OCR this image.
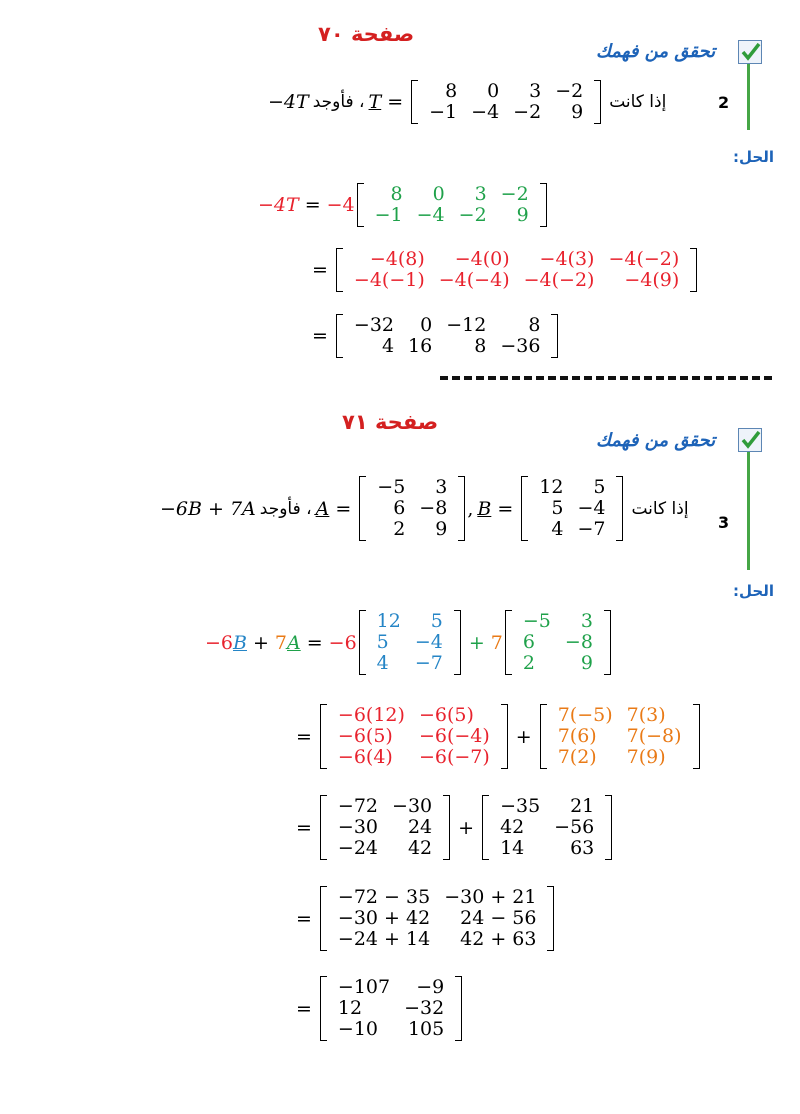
صفحة ٧٠
تحقق من فهمك
2
−4T ، فأوجد T =	8	0	3 −2
−1 −4 −2	9	إذا كانت
الحل:
−4T = −4	8	0	3 −2
−1 −4 −2	9
=	−4(8)	−4(0)	−4(3) −4(−2)
−4(−1) −4(−4) −4(−2)	−4(9)
=	−32	0 −12	8
4 16	8 −36
صفحة ٧١
تحقق من فهمك
3
−6B + 7A ، فأوجد A =
−5	3
6 −8
2	9
, B =
12	5
5 −4
4 −7
إذا كانت
الحل:
−6 B + 7 A = −6
12	5
5	−4
4	−7
+ 7
−5	3
6	−8
2	9
=
−6(12) −6(5)
−6(5)	−6(−4)
−6(4)	−6(−7)
+
7(−5) 7(3)
7(6)	7(−8)
7(2)	7(9)
=
−72 −30
−30	24
−24	42
+
−35	21
42	−56
14	63
=
−72 − 35 −30 + 21
−30 + 42	24 − 56
−24 + 14	42 + 63
=
−107	−9
12	−32
−10	105
